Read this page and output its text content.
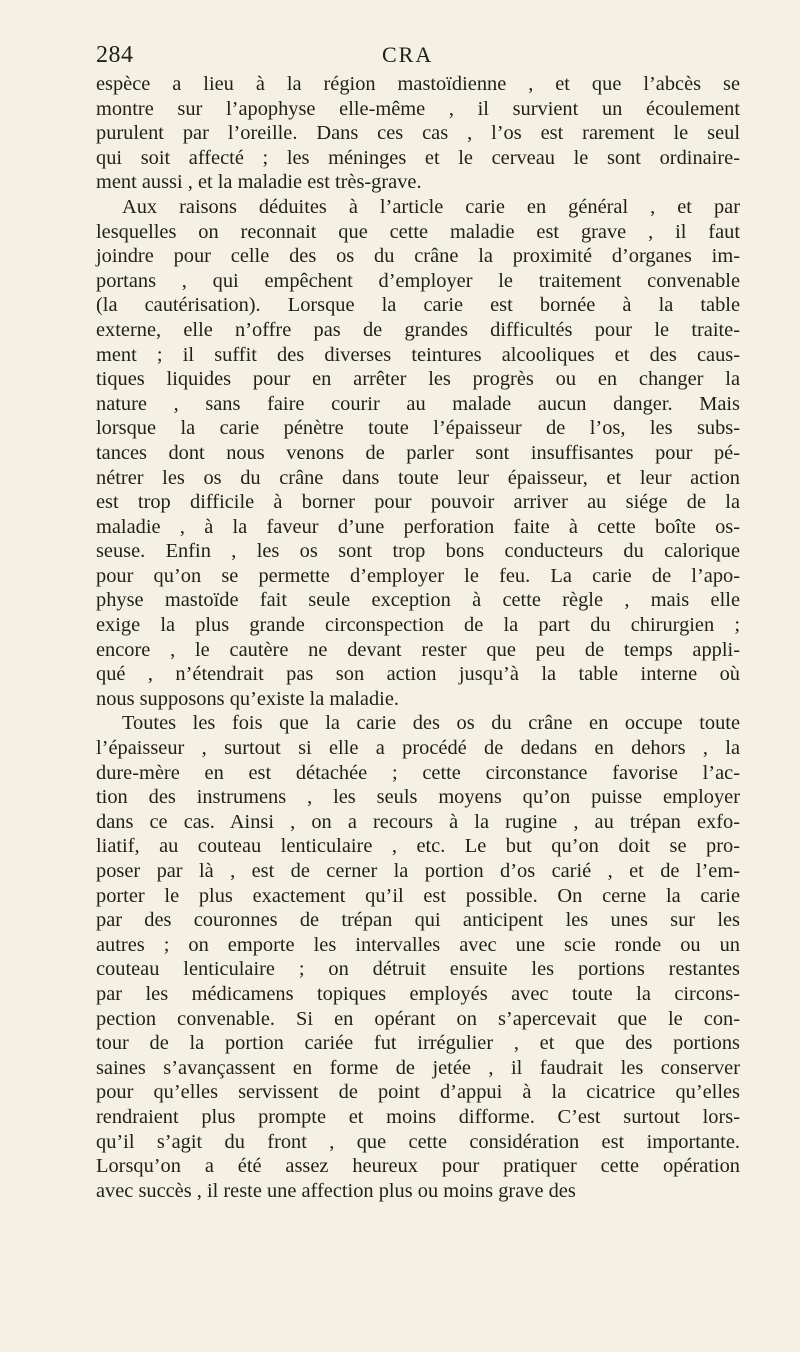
284	CRA

espèce a lieu à la région mastoïdienne , et que l’abcès se
montre sur l’apophyse elle-même , il survient un écoulement
purulent par l’oreille. Dans ces cas , l’os est rarement le seul
qui soit affecté ; les méninges et le cerveau le sont ordinaire-
ment aussi , et la maladie est très-grave.

Aux raisons déduites à l’article carie en général , et par
lesquelles on reconnait que cette maladie est grave , il faut
joindre pour celle des os du crâne la proximité d’organes im-
portans , qui empêchent d’employer le traitement convenable
(la cautérisation). Lorsque la carie est bornée à la table
externe, elle n’offre pas de grandes difficultés pour le traite-
ment ; il suffit des diverses teintures alcooliques et des caus-
tiques liquides pour en arrêter les progrès ou en changer la
nature , sans faire courir au malade aucun danger. Mais
lorsque la carie pénètre toute l’épaisseur de l’os, les subs-
tances dont nous venons de parler sont insuffisantes pour pé-
nétrer les os du crâne dans toute leur épaisseur, et leur action
est trop difficile à borner pour pouvoir arriver au siége de la
maladie , à la faveur d’une perforation faite à cette boîte os-
seuse. Enfin , les os sont trop bons conducteurs du calorique
pour qu’on se permette d’employer le feu. La carie de l’apo-
physe mastoïde fait seule exception à cette règle , mais elle
exige la plus grande circonspection de la part du chirurgien ;
encore , le cautère ne devant rester que peu de temps appli-
qué , n’étendrait pas son action jusqu’à la table interne où
nous supposons qu’existe la maladie.

Toutes les fois que la carie des os du crâne en occupe toute
l’épaisseur , surtout si elle a procédé de dedans en dehors , la
dure-mère en est détachée ; cette circonstance favorise l’ac-
tion des instrumens , les seuls moyens qu’on puisse employer
dans ce cas. Ainsi , on a recours à la rugine , au trépan exfo-
liatif, au couteau lenticulaire , etc. Le but qu’on doit se pro-
poser par là , est de cerner la portion d’os carié , et de l’em-
porter le plus exactement qu’il est possible. On cerne la carie
par des couronnes de trépan qui anticipent les unes sur les
autres ; on emporte les intervalles avec une scie ronde ou un
couteau lenticulaire ; on détruit ensuite les portions restantes
par les médicamens topiques employés avec toute la circons-
pection convenable. Si en opérant on s’apercevait que le con-
tour de la portion cariée fut irrégulier , et que des portions
saines s’avançassent en forme de jetée , il faudrait les conserver
pour qu’elles servissent de point d’appui à la cicatrice qu’elles
rendraient plus prompte et moins difforme. C’est surtout lors-
qu’il s’agit du front , que cette considération est importante.
Lorsqu’on a été assez heureux pour pratiquer cette opération
avec succès , il reste une affection plus ou moins grave des
